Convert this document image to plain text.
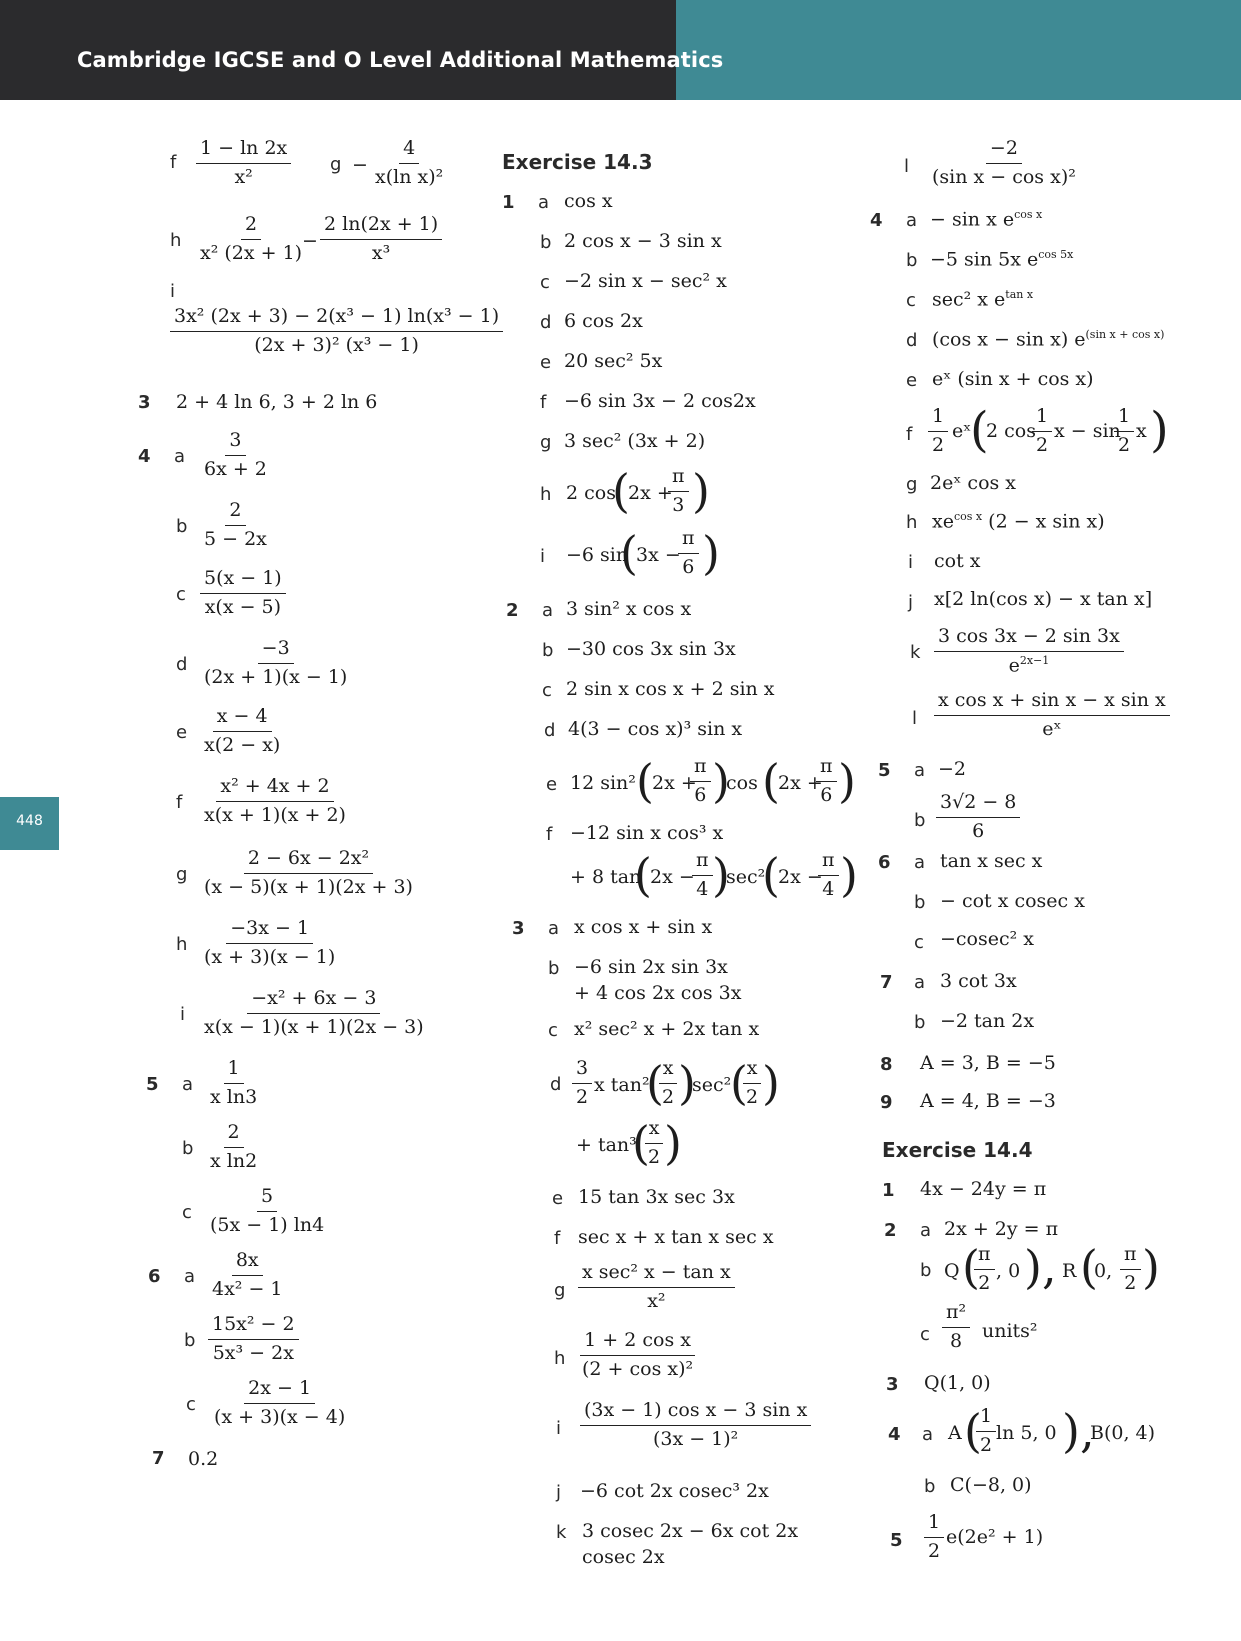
Cambridge IGCSE and O Level Additional Mathematics
448
f $\frac{1 - \ln 2x}{\text{x²}}$ $g - \frac{4}{\text{x(ln x)²}}$
h $\frac{2}{\text{x² (2x + 1)}}$
− $\frac{2 \ln(2x + 1)}{\text{x³}}$
i
$\frac{\text{3x² (2x + 3) − 2(x³ − 1) ln(x³ − 1)}}{\text{(2x + 3)² (x³ − 1)}}$
3 2 + 4 ln 6, 3 + 2 ln 6
4 a $\frac{3}{6x + 2}$
b $\frac{2}{5 - 2x}$
c $\frac{5(x - 1)}{x(x - 5)}$
d $\frac{-3}{(2x + 1)(x - 1)}$
e $\frac{x - 4}{x(2 - x)}$
f $\frac{\text{x² + 4x + 2}}{x(x + 1)(x + 2)}$
g $\frac{\text{2 − 6x − 2x²}}{(x - 5)(x + 1)(2x + 3)}$
h $\frac{-3x - 1}{(x + 3)(x - 1)}$
i $\frac{\text{−x² + 6x − 3}}{x(x - 1)(x + 1)(2x - 3)}$
5 a $\frac{1}{\text{x ln3}}$
b $\frac{2}{\text{x ln2}}$
c $\frac{5}{(5x - 1) \ln 4}$
6 a $\frac{8x}{\text{4x² − 1}}$
b $\frac{\text{15x² − 2}}{\text{5x³ − 2x}}$
c $\frac{2x - 1}{(x + 3)(x - 4)}$
7 0.2
Exercise 14.3
1 a cos x
b 2 cos x − 3 sin x
c −2 sin x − sec² x
d 6 cos 2x
e 20 sec² 5x
f −6 sin 3x − 2 cos2x
g 3 sec² (3x + 2)
h 2 cos
(
2x +
$\frac{\pi}{3}$ )
i −6 sin
(
3x −
$\frac{\pi}{6}$ )
2 a 3 sin² x cos x
b −30 cos 3x sin 3x
c 2 sin x cos x + 2 sin x
d 4(3 − cos x)³ sin x
e 12 sin² (
2x +
$\frac{\pi}{6}$ )
cos (
2x +
$\frac{\pi}{6}$ )
f −12 sin x cos³ x
+ 8 tan
(
2x −
$\frac{\pi}{4}$ )
sec²
(
2x −
$\frac{\pi}{4}$ )
3 a x cos x + sin x
b −6 sin 2x sin 3x
+ 4 cos 2x cos 3x
c x² sec² x + 2x tan x
d $\frac{3}{2}$ x tan²
(
$\frac{x}{2}$ )
sec²
(
$\frac{x}{2}$ )
+ tan³
(
$\frac{x}{2}$ )
e 15 tan 3x sec 3x
f sec x + x tan x sec x
g
x sec² x − tan x
x²
h $\frac{\text{1 + 2 cos x}}{\text{(2 + cos x)²}}$
i $\frac{\text{(3x − 1) cos x − 3 sin x}}{\text{(3x − 1)²}}$
j −6 cot 2x cosec³ 2x
k 3 cosec 2x − 6x cot 2x
cosec 2x
l $\frac{-2}{\text{(sin x − cos x)²}}$
4 a − sin x $e^{cos x}$
b −5 sin 5x $e^{cos 5x}$
c sec² x $e^{tan x}$
d (cos x − sin x) $e^{(sin x + cos x)}$
e eˣ (sin x + cos x)
f $\frac{1}{2}$ eˣ
(
2 cos
$\frac{1}{2}$ x − sin
$\frac{1}{2}$ x )
g 2eˣ cos x
h $xe^{cos x}$ (2 − x sin x)
i cot x
j x[2 ln(cos x) − x tan x]
k $\frac{3 \cos 3x - 2 \sin 3x}{e^{2x-1}}$
l $\frac{\text{x cos x + sin x − x sin x}}{\text{eˣ}}$
5 a −2
b $\frac{3√2 - 8}{6}$
6 a tan x sec x
b − cot x cosec x
c −cosec² x
7 a 3 cot 3x
b −2 tan 2x
8 A = 3, B = −5
9 A = 4, B = −3
Exercise 14.4
1 4x − 24y = π
2 a 2x + 2y = π
b Q (
$\frac{\pi}{2}$ , 0 ), R (
0, $\frac{\pi}{2}$ )
c $\frac{\text{π²}}{8}$ units²
3 Q(1, 0)
4 a A (
$\frac{1}{2}$ ln 5, 0 ),
B(0, 4)
b C(−8, 0)
$5 \frac{1}{2} e(2e^2 + 1)$
